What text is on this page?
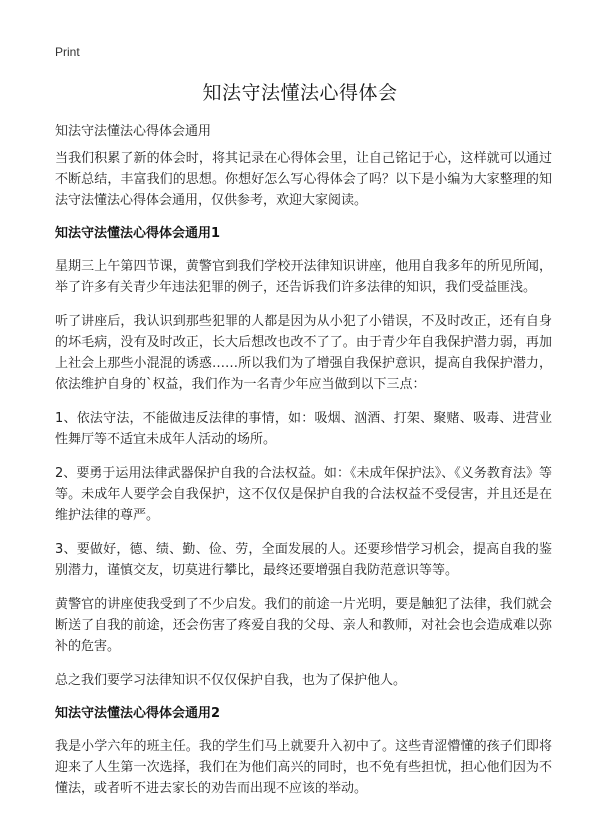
Print
知法守法懂法心得体会
知法守法懂法心得体会通用

当我们积累了新的体会时，将其记录在心得体会里，让自己铭记于心，这样就可以通过不断总结，丰富我们的思想。你想好怎么写心得体会了吗？以下是小编为大家整理的知法守法懂法心得体会通用，仅供参考，欢迎大家阅读。

知法守法懂法心得体会通用1

星期三上午第四节课，黄警官到我们学校开法律知识讲座，他用自我多年的所见所闻，举了许多有关青少年违法犯罪的例子，还告诉我们许多法律的知识，我们受益匪浅。

听了讲座后，我认识到那些犯罪的人都是因为从小犯了小错误，不及时改正，还有自身的坏毛病，没有及时改正，长大后想改也改不了了。由于青少年自我保护潜力弱，再加上社会上那些小混混的诱惑……所以我们为了增强自我保护意识，提高自我保护潜力，依法维护自身的`权益，我们作为一名青少年应当做到以下三点：

1、依法守法，不能做违反法律的事情，如：吸烟、汹酒、打架、聚赌、吸毒、进营业性舞厅等不适宜未成年人活动的场所。

2、要勇于运用法律武器保护自我的合法权益。如：《未成年保护法》、《义务教育法》等等。未成年人要学会自我保护，这不仅仅是保护自我的合法权益不受侵害，并且还是在维护法律的尊严。

3、要做好，德、绩、勤、俭、劳，全面发展的人。还要珍惜学习机会，提高自我的鉴别潜力，谨慎交友，切莫进行攀比，最终还要增强自我防范意识等等。

黄警官的讲座使我受到了不少启发。我们的前途一片光明，要是触犯了法律，我们就会断送了自我的前途，还会伤害了疼爱自我的父母、亲人和教师，对社会也会造成难以弥补的危害。

总之我们要学习法律知识不仅仅保护自我，也为了保护他人。

知法守法懂法心得体会通用2

我是小学六年的班主任。我的学生们马上就要升入初中了。这些青涩懵懂的孩子们即将迎来了人生第一次选择，我们在为他们高兴的同时，也不免有些担忧，担心他们因为不懂法，或者听不进去家长的劝告而出现不应该的举动。
